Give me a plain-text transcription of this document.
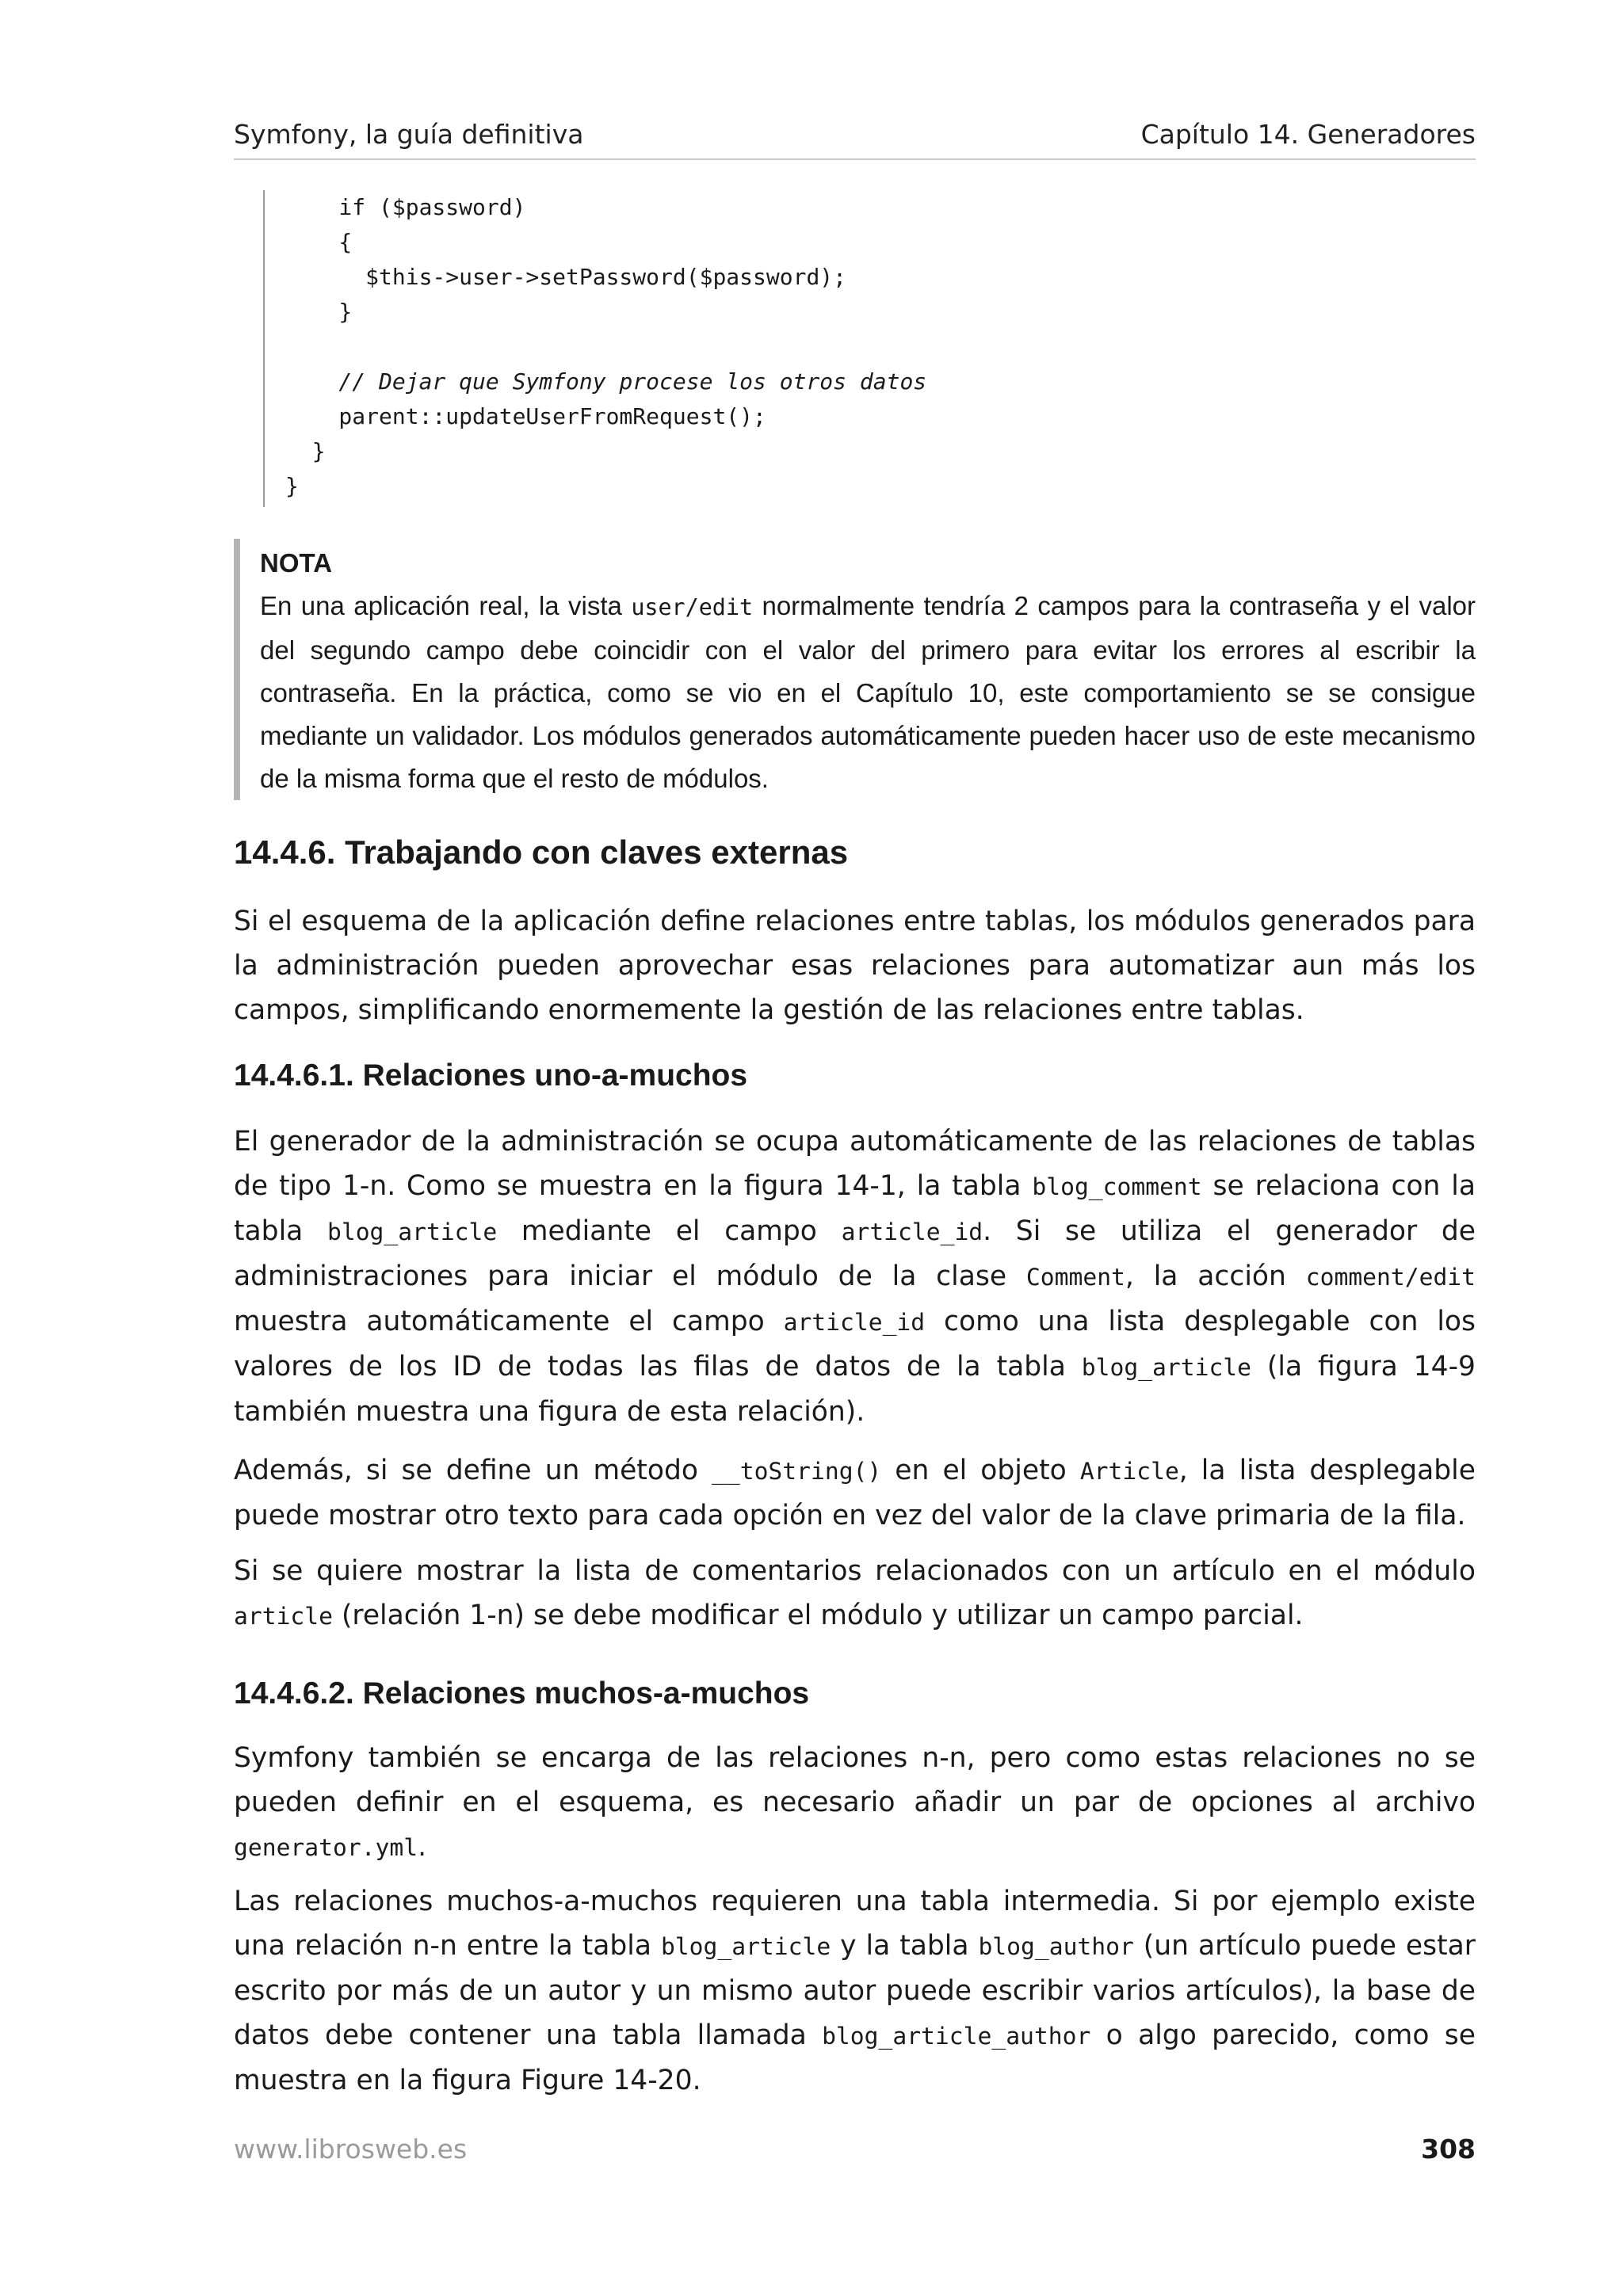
Symfony, la guía definitiva	Capítulo 14. Generadores
if ($password)
{
$this->user->setPassword($password);
}

// Dejar que Symfony procese los otros datos
parent::updateUserFromRequest();
}
}
NOTA
En una aplicación real, la vista user/edit normalmente tendría 2 campos para la contraseña y el valor del segundo campo debe coincidir con el valor del primero para evitar los errores al escribir la contraseña. En la práctica, como se vio en el Capítulo 10, este comportamiento se se consigue mediante un validador. Los módulos generados automáticamente pueden hacer uso de este mecanismo de la misma forma que el resto de módulos.
14.4.6. Trabajando con claves externas
Si el esquema de la aplicación define relaciones entre tablas, los módulos generados para la administración pueden aprovechar esas relaciones para automatizar aun más los campos, simplificando enormemente la gestión de las relaciones entre tablas.
14.4.6.1. Relaciones uno-a-muchos
El generador de la administración se ocupa automáticamente de las relaciones de tablas de tipo 1-n. Como se muestra en la figura 14-1, la tabla blog_comment se relaciona con la tabla blog_article mediante el campo article_id. Si se utiliza el generador de administraciones para iniciar el módulo de la clase Comment, la acción comment/edit muestra automáticamente el campo article_id como una lista desplegable con los valores de los ID de todas las filas de datos de la tabla blog_article (la figura 14-9 también muestra una figura de esta relación).
Además, si se define un método __toString() en el objeto Article, la lista desplegable puede mostrar otro texto para cada opción en vez del valor de la clave primaria de la fila.
Si se quiere mostrar la lista de comentarios relacionados con un artículo en el módulo article (relación 1-n) se debe modificar el módulo y utilizar un campo parcial.
14.4.6.2. Relaciones muchos-a-muchos
Symfony también se encarga de las relaciones n-n, pero como estas relaciones no se pueden definir en el esquema, es necesario añadir un par de opciones al archivo generator.yml.
Las relaciones muchos-a-muchos requieren una tabla intermedia. Si por ejemplo existe una relación n-n entre la tabla blog_article y la tabla blog_author (un artículo puede estar escrito por más de un autor y un mismo autor puede escribir varios artículos), la base de datos debe contener una tabla llamada blog_article_author o algo parecido, como se muestra en la figura Figure 14-20.
www.librosweb.es	308
